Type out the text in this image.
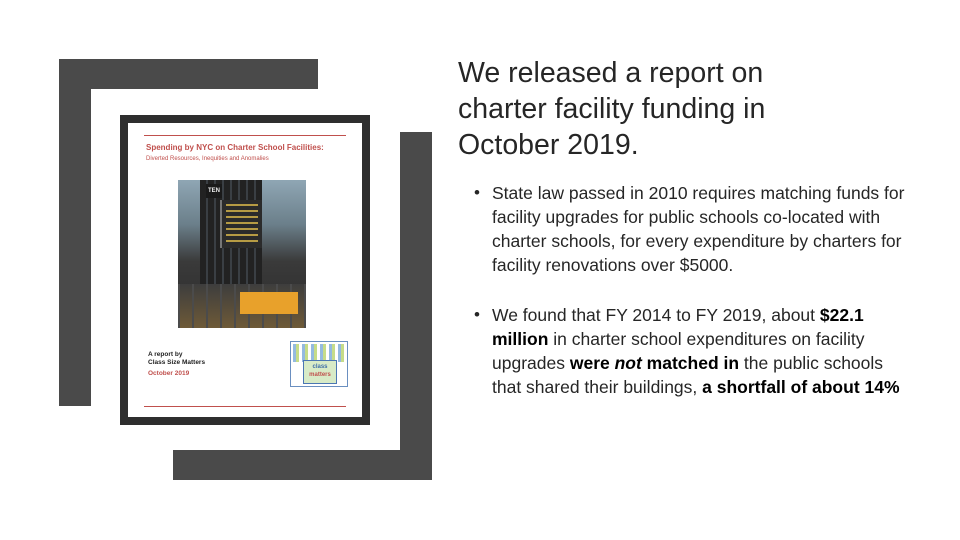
Spending by NYC on Charter School Facilities:
Diverted Resources, Inequities and Anomalies
TEN
A report by
Class Size Matters
October 2019
class
matters
We released a report on
charter facility funding in
October 2019.
• State law passed in 2010 requires matching funds for facility upgrades for public schools co-located with charter schools, for every expenditure by charters for facility renovations over $5000.
• We found that FY 2014 to FY 2019, about $22.1 million in charter school expenditures on facility upgrades were not matched in the public schools that shared their buildings, a shortfall of about 14%
